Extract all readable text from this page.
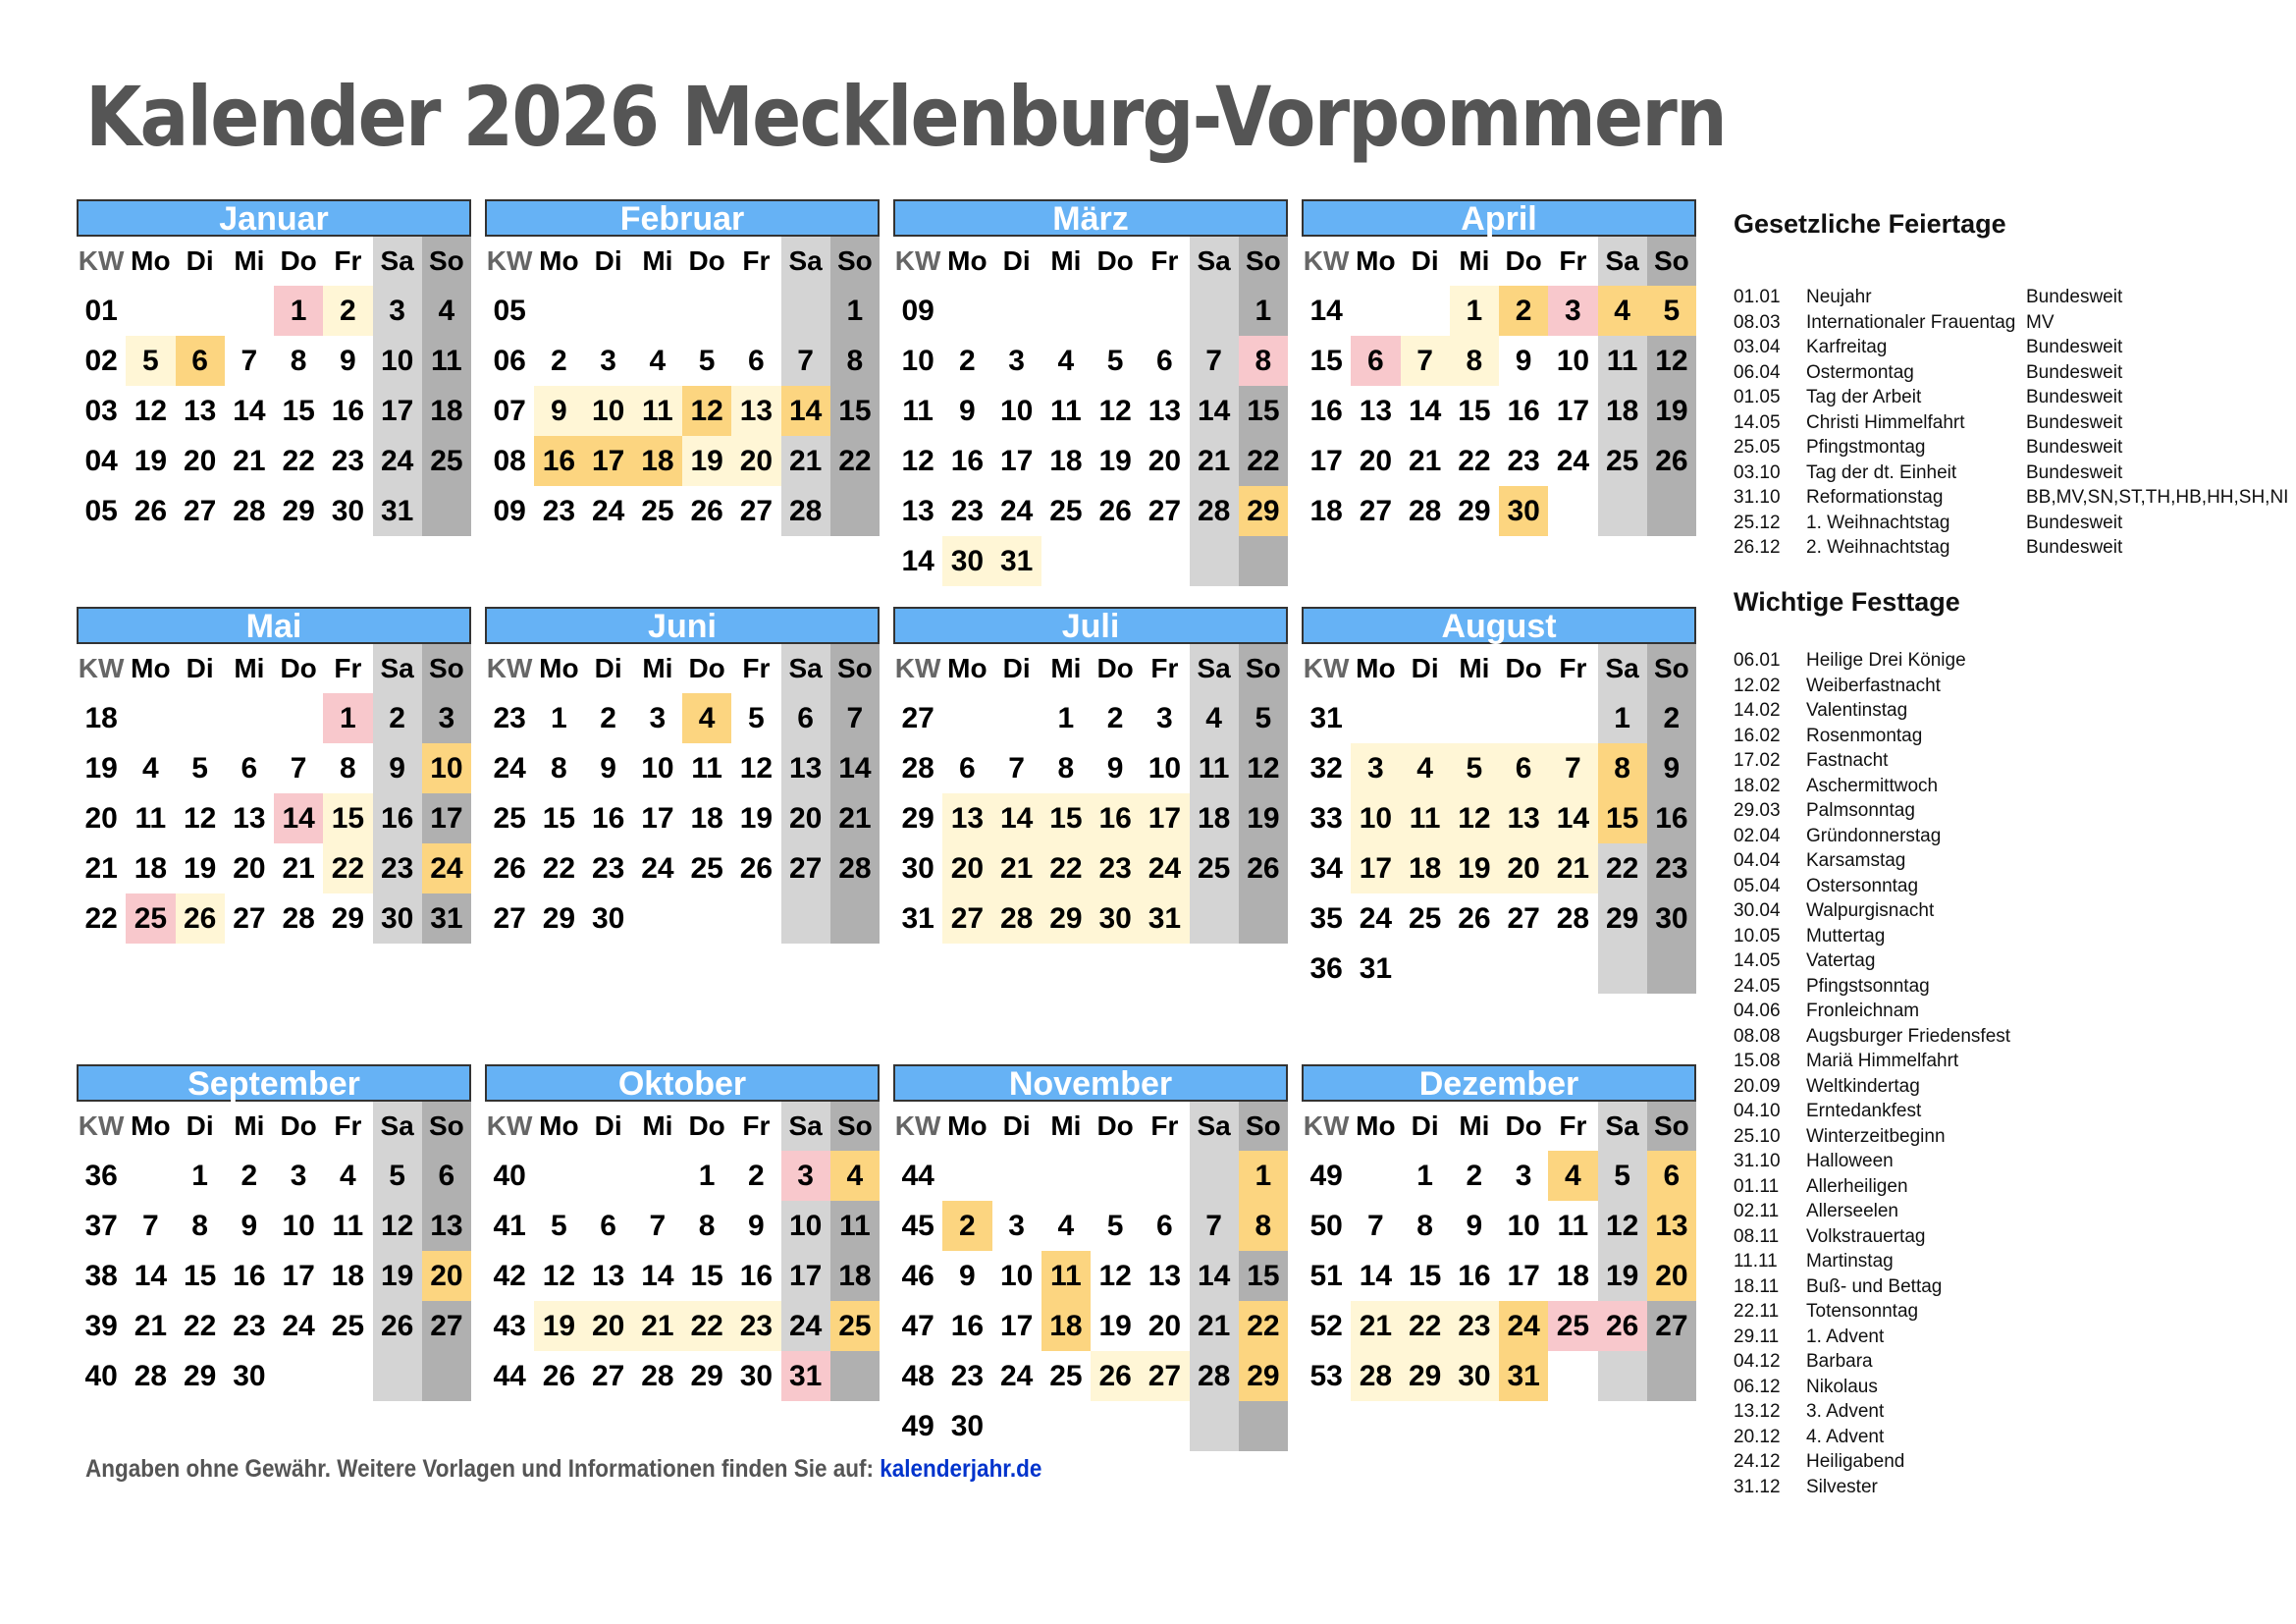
Kalender 2026 Mecklenburg-Vorpommern
Januar
KW	Mo	Di	Mi	Do	Fr	Sa	So
01				1	2	3	4
02	5	6	7	8	9	10	11
03	12	13	14	15	16	17	18
04	19	20	21	22	23	24	25
05	26	27	28	29	30	31	
Februar
KW	Mo	Di	Mi	Do	Fr	Sa	So
05							1
06	2	3	4	5	6	7	8
07	9	10	11	12	13	14	15
08	16	17	18	19	20	21	22
09	23	24	25	26	27	28	
März
KW	Mo	Di	Mi	Do	Fr	Sa	So
09							1
10	2	3	4	5	6	7	8
11	9	10	11	12	13	14	15
12	16	17	18	19	20	21	22
13	23	24	25	26	27	28	29
14	30	31					
April
KW	Mo	Di	Mi	Do	Fr	Sa	So
14			1	2	3	4	5
15	6	7	8	9	10	11	12
16	13	14	15	16	17	18	19
17	20	21	22	23	24	25	26
18	27	28	29	30			
Mai
KW	Mo	Di	Mi	Do	Fr	Sa	So
18					1	2	3
19	4	5	6	7	8	9	10
20	11	12	13	14	15	16	17
21	18	19	20	21	22	23	24
22	25	26	27	28	29	30	31
Juni
KW	Mo	Di	Mi	Do	Fr	Sa	So
23	1	2	3	4	5	6	7
24	8	9	10	11	12	13	14
25	15	16	17	18	19	20	21
26	22	23	24	25	26	27	28
27	29	30					
Juli
KW	Mo	Di	Mi	Do	Fr	Sa	So
27			1	2	3	4	5
28	6	7	8	9	10	11	12
29	13	14	15	16	17	18	19
30	20	21	22	23	24	25	26
31	27	28	29	30	31		
August
KW	Mo	Di	Mi	Do	Fr	Sa	So
31						1	2
32	3	4	5	6	7	8	9
33	10	11	12	13	14	15	16
34	17	18	19	20	21	22	23
35	24	25	26	27	28	29	30
36	31						
September
KW	Mo	Di	Mi	Do	Fr	Sa	So
36		1	2	3	4	5	6
37	7	8	9	10	11	12	13
38	14	15	16	17	18	19	20
39	21	22	23	24	25	26	27
40	28	29	30				
Oktober
KW	Mo	Di	Mi	Do	Fr	Sa	So
40				1	2	3	4
41	5	6	7	8	9	10	11
42	12	13	14	15	16	17	18
43	19	20	21	22	23	24	25
44	26	27	28	29	30	31	
November
KW	Mo	Di	Mi	Do	Fr	Sa	So
44							1
45	2	3	4	5	6	7	8
46	9	10	11	12	13	14	15
47	16	17	18	19	20	21	22
48	23	24	25	26	27	28	29
49	30						
Dezember
KW	Mo	Di	Mi	Do	Fr	Sa	So
49		1	2	3	4	5	6
50	7	8	9	10	11	12	13
51	14	15	16	17	18	19	20
52	21	22	23	24	25	26	27
53	28	29	30	31			
Angaben ohne Gewähr. Weitere Vorlagen und Informationen finden Sie auf: kalenderjahr.de
Gesetzliche Feiertage
01.01 Neujahr	Bundesweit
08.03 Internationaler Frauentag MV
03.04 Karfreitag	Bundesweit
06.04 Ostermontag	Bundesweit
01.05 Tag der Arbeit	Bundesweit
14.05 Christi Himmelfahrt	Bundesweit
25.05 Pfingstmontag	Bundesweit
03.10 Tag der dt. Einheit	Bundesweit
31.10 Reformationstag	BB,MV,SN,ST,TH,HB,HH,SH,NI
25.12 1. Weihnachtstag	Bundesweit
26.12 2. Weihnachtstag	Bundesweit
Wichtige Festtage
06.01 Heilige Drei Könige
12.02 Weiberfastnacht
14.02 Valentinstag
16.02 Rosenmontag
17.02 Fastnacht
18.02 Aschermittwoch
29.03 Palmsonntag
02.04 Gründonnerstag
04.04 Karsamstag
05.04 Ostersonntag
30.04 Walpurgisnacht
10.05 Muttertag
14.05 Vatertag
24.05 Pfingstsonntag
04.06 Fronleichnam
08.08 Augsburger Friedensfest
15.08 Mariä Himmelfahrt
20.09 Weltkindertag
04.10 Erntedankfest
25.10 Winterzeitbeginn
31.10 Halloween
01.11 Allerheiligen
02.11 Allerseelen
08.11 Volkstrauertag
11.11 Martinstag
18.11 Buß- und Bettag
22.11 Totensonntag
29.11 1. Advent
04.12 Barbara
06.12 Nikolaus
13.12 3. Advent
20.12 4. Advent
24.12 Heiligabend
31.12 Silvester
